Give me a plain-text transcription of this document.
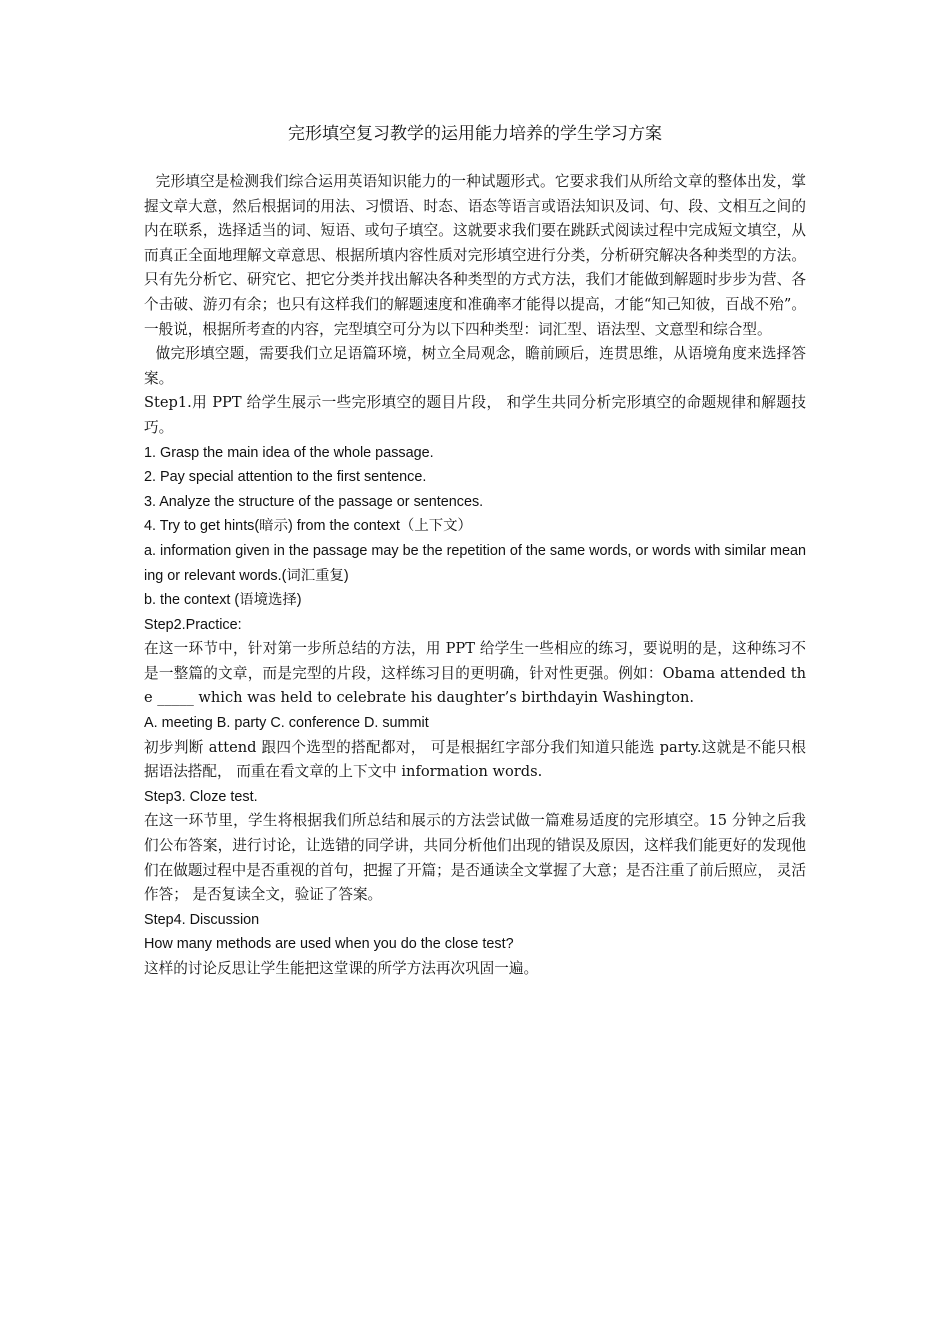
完形填空复习教学的运用能力培养的学生学习方案

完形填空是检测我们综合运用英语知识能力的一种试题形式。它要求我们从所给文章的整体出发，掌握文章大意，然后根据词的用法、习惯语、时态、语态等语言或语法知识及词、句、段、文相互之间的内在联系，选择适当的词、短语、或句子填空。这就要求我们要在跳跃式阅读过程中完成短文填空，从而真正全面地理解文章意思、根据所填内容性质对完形填空进行分类，分析研究解决各种类型的方法。只有先分析它、研究它、把它分类并找出解决各种类型的方式方法，我们才能做到解题时步步为营、各个击破、游刃有余；也只有这样我们的解题速度和准确率才能得以提高，才能“知己知彼，百战不殆”。一般说，根据所考查的内容，完型填空可分为以下四种类型：词汇型、语法型、文意型和综合型。

做完形填空题，需要我们立足语篇环境，树立全局观念，瞻前顾后，连贯思维，从语境角度来选择答案。

Step1.用 PPT 给学生展示一些完形填空的题目片段， 和学生共同分析完形填空的命题规律和解题技巧。

1. Grasp the main idea of the whole passage.

2. Pay special attention to the first sentence.

3. Analyze the structure of the passage or sentences.

4. Try to get hints(暗示) from the context（上下文）

a. information given in the passage may be the repetition of the same words, or words with similar meaning or relevant words.(词汇重复)

b. the context (语境选择)

Step2.Practice:

在这一环节中，针对第一步所总结的方法，用 PPT 给学生一些相应的练习，要说明的是，这种练习不是一整篇的文章，而是完型的片段，这样练习目的更明确，针对性更强。例如：Obama attended the _____ which was held to celebrate his daughter’s birthdayin Washington.

A. meeting B. party C. conference D. summit

初步判断 attend 跟四个选型的搭配都对， 可是根据红字部分我们知道只能选 party.这就是不能只根据语法搭配， 而重在看文章的上下文中 information words.

Step3. Cloze test.

在这一环节里，学生将根据我们所总结和展示的方法尝试做一篇难易适度的完形填空。15 分钟之后我们公布答案，进行讨论，让选错的同学讲，共同分析他们出现的错误及原因，这样我们能更好的发现他们在做题过程中是否重视的首句，把握了开篇；是否通读全文掌握了大意；是否注重了前后照应， 灵活作答； 是否复读全文，验证了答案。

Step4. Discussion

How many methods are used when you do the close test?

这样的讨论反思让学生能把这堂课的所学方法再次巩固一遍。
